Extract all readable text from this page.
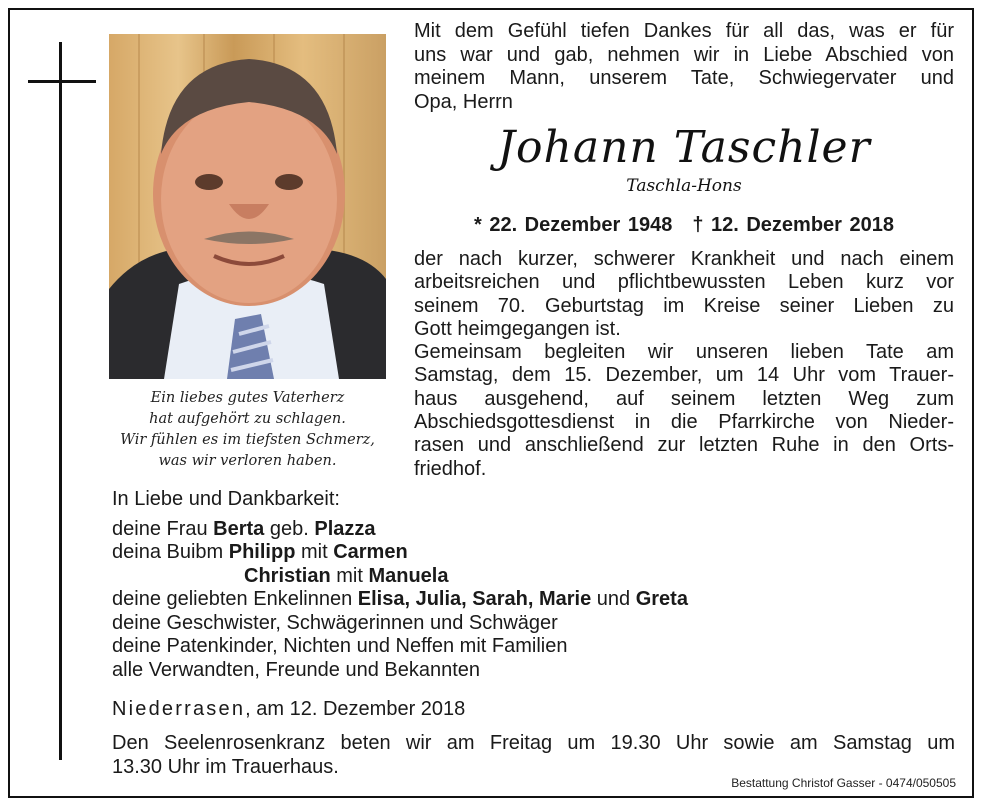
Ein liebes gutes Vaterherz
hat aufgehört zu schlagen.
Wir fühlen es im tiefsten Schmerz,
was wir verloren haben.
Mit dem Gefühl tiefen Dankes für all das, was er für
uns war und gab, nehmen wir in Liebe Abschied von
meinem Mann, unserem Tate, Schwiegervater und
Opa, Herrn
Johann Taschler
Taschla-Hons
* 22. Dezember 1948 † 12. Dezember 2018
der nach kurzer, schwerer Krankheit und nach einem
arbeitsreichen und pflichtbewussten Leben kurz vor
seinem 70. Geburtstag im Kreise seiner Lieben zu
Gott heimgegangen ist.
Gemeinsam begleiten wir unseren lieben Tate am
Samstag, dem 15. Dezember, um 14 Uhr vom Trauer-
haus ausgehend, auf seinem letzten Weg zum
Abschiedsgottesdienst in die Pfarrkirche von Nieder-
rasen und anschließend zur letzten Ruhe in den Orts-
friedhof.
In Liebe und Dankbarkeit:
deine Frau Berta geb. Plazza
deina Buibm Philipp mit Carmen
Christian mit Manuela
deine geliebten Enkelinnen Elisa, Julia, Sarah, Marie und Greta
deine Geschwister, Schwägerinnen und Schwäger
deine Patenkinder, Nichten und Neffen mit Familien
alle Verwandten, Freunde und Bekannten
Niederrasen, am 12. Dezember 2018
Den Seelenrosenkranz beten wir am Freitag um 19.30 Uhr sowie am Samstag um
13.30 Uhr im Trauerhaus.
Bestattung Christof Gasser - 0474/050505
